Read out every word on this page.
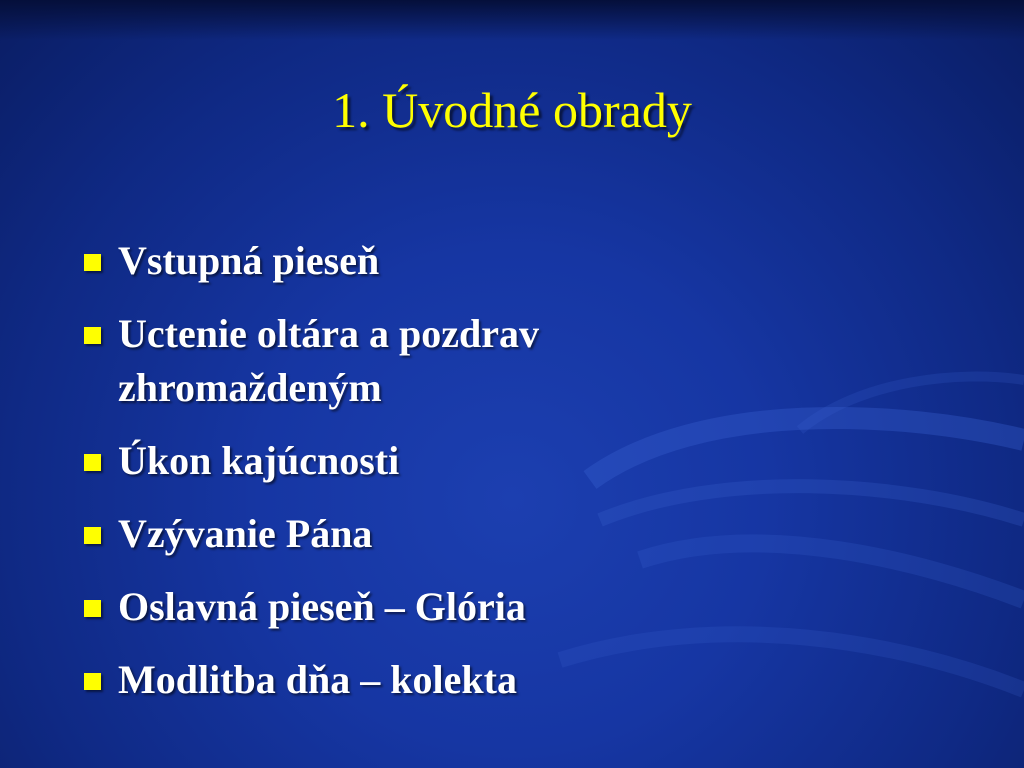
1. Úvodné obrady
Vstupná pieseň
Uctenie oltára a pozdrav zhromaždeným
Úkon kajúcnosti
Vzývanie Pána
Oslavná pieseň – Glória
Modlitba dňa – kolekta
